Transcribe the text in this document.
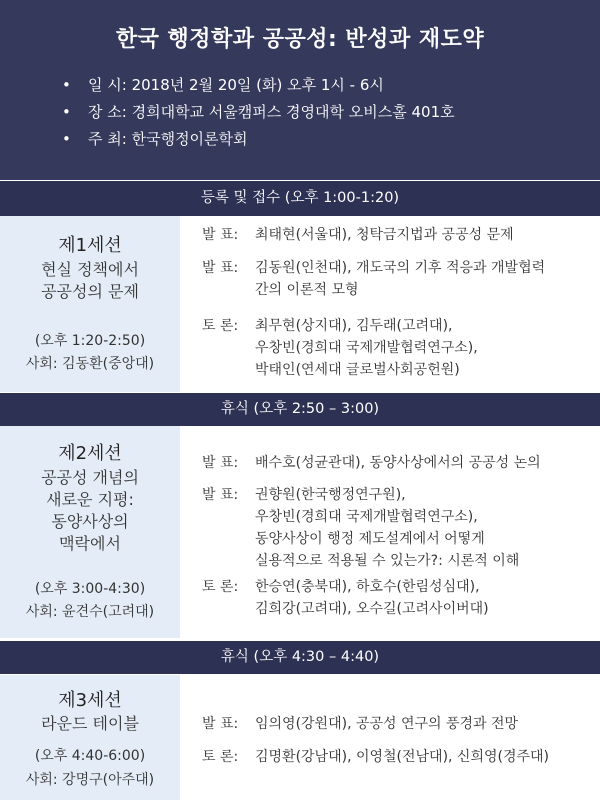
한국 행정학과 공공성: 반성과 재도약
• 일 시: 2018년 2월 20일 (화) 오후 1시 - 6시
• 장 소: 경희대학교 서울캠퍼스 경영대학 오비스홀 401호
• 주 최: 한국행정이론학회
등록 및 접수 (오후 1:00-1:20)
제1세션
현실 정책에서
공공성의 문제
(오후 1:20-2:50)
사회: 김동환(중앙대)
발 표:	최태현(서울대), 청탁금지법과 공공성 문제
발 표:	김동원(인천대), 개도국의 기후 적응과 개발협력
간의 이론적 모형
토 론:	최무현(상지대), 김두래(고려대),
우창빈(경희대 국제개발협력연구소),
박태인(연세대 글로벌사회공헌원)
휴식 (오후 2:50 – 3:00)
제2세션
공공성 개념의
새로운 지평:
동양사상의
맥락에서
(오후 3:00-4:30)
사회: 윤견수(고려대)
발 표:	배수호(성균관대), 동양사상에서의 공공성 논의
발 표:	권향원(한국행정연구원),
우창빈(경희대 국제개발협력연구소),
동양사상이 행정 제도설계에서 어떻게
실용적으로 적용될 수 있는가?: 시론적 이해
토 론:	한승연(충북대), 하호수(한림성심대),
김희강(고려대), 오수길(고려사이버대)
휴식 (오후 4:30 – 4:40)
제3세션
라운드 테이블
(오후 4:40-6:00)
사회: 강명구(아주대)
발 표:	임의영(강원대), 공공성 연구의 풍경과 전망
토 론:	김명환(강남대), 이영철(전남대), 신희영(경주대)
